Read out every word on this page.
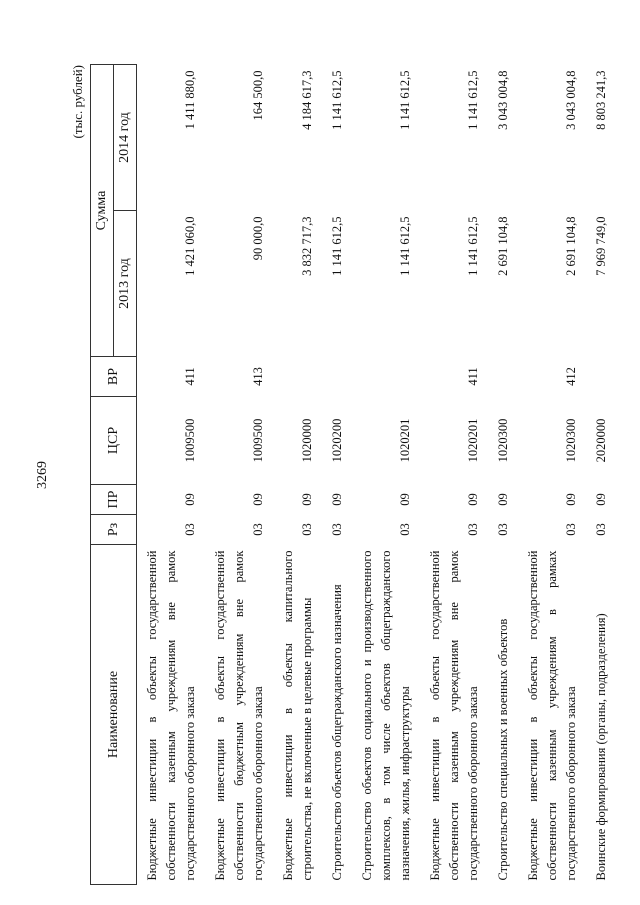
3269
(тыс. рублей)
Наименование	Рз	ПР	ЦСР	ВР	Сумма	
					2013 год	2014 год
Бюджетные инвестиции в объекты государственной собственности казенным учреждениям вне рамок государственного оборонного заказа	03	09	1009500	411	1 421 060,0	1 411 880,0
Бюджетные инвестиции в объекты государственной собственности бюджетным учреждениям вне рамок государственного оборонного заказа	03	09	1009500	413	90 000,0	164 500,0
Бюджетные инвестиции в объекты капитального строительства, не включенные в целевые программы	03	09	1020000		3 832 717,3	4 184 617,3
Строительство объектов общегражданского назначения	03	09	1020200		1 141 612,5	1 141 612,5
Строительство объектов социального и производственного комплексов, в том числе объектов общегражданского назначения, жилья, инфраструктуры	03	09	1020201		1 141 612,5	1 141 612,5
Бюджетные инвестиции в объекты государственной собственности казенным учреждениям вне рамок государственного оборонного заказа	03	09	1020201	411	1 141 612,5	1 141 612,5
Строительство специальных и военных объектов	03	09	1020300		2 691 104,8	3 043 004,8
Бюджетные инвестиции в объекты государственной собственности казенным учреждениям в рамках государственного оборонного заказа	03	09	1020300	412	2 691 104,8	3 043 004,8
Воинские формирования (органы, подразделения)	03	09	2020000		7 969 749,0	8 803 241,3
